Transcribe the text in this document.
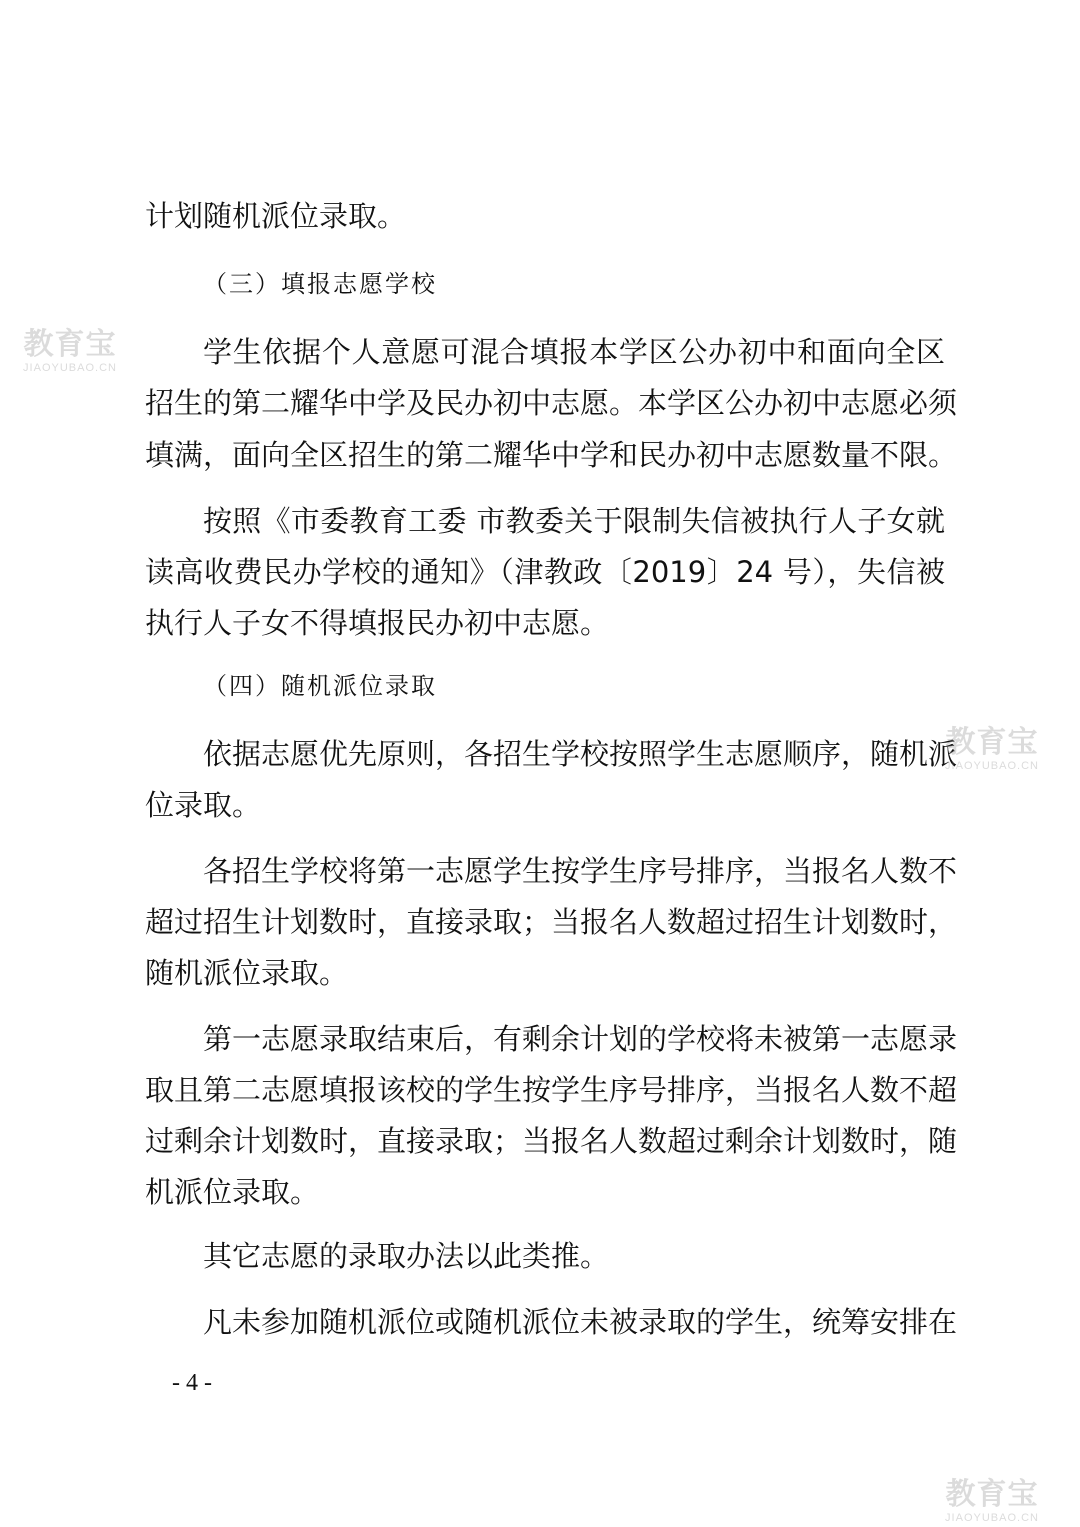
计划随机派位录取。
（三）填报志愿学校
学生依据个人意愿可混合填报本学区公办初中和面向全区
招生的第二耀华中学及民办初中志愿。本学区公办初中志愿必须
填满，面向全区招生的第二耀华中学和民办初中志愿数量不限。
按照《市委教育工委 市教委关于限制失信被执行人子女就
读高收费民办学校的通知》（津教政〔2019〕24 号），失信被
执行人子女不得填报民办初中志愿。
（四）随机派位录取
依据志愿优先原则，各招生学校按照学生志愿顺序，随机派
位录取。
各招生学校将第一志愿学生按学生序号排序，当报名人数不
超过招生计划数时，直接录取；当报名人数超过招生计划数时，
随机派位录取。
第一志愿录取结束后，有剩余计划的学校将未被第一志愿录
取且第二志愿填报该校的学生按学生序号排序，当报名人数不超
过剩余计划数时，直接录取；当报名人数超过剩余计划数时，随
机派位录取。
其它志愿的录取办法以此类推。
凡未参加随机派位或随机派位未被录取的学生，统筹安排在
- 4 -
教育宝
JIAOYUBAO.CN
教育宝
JIAOYUBAO.CN
教育宝
JIAOYUBAO.CN
